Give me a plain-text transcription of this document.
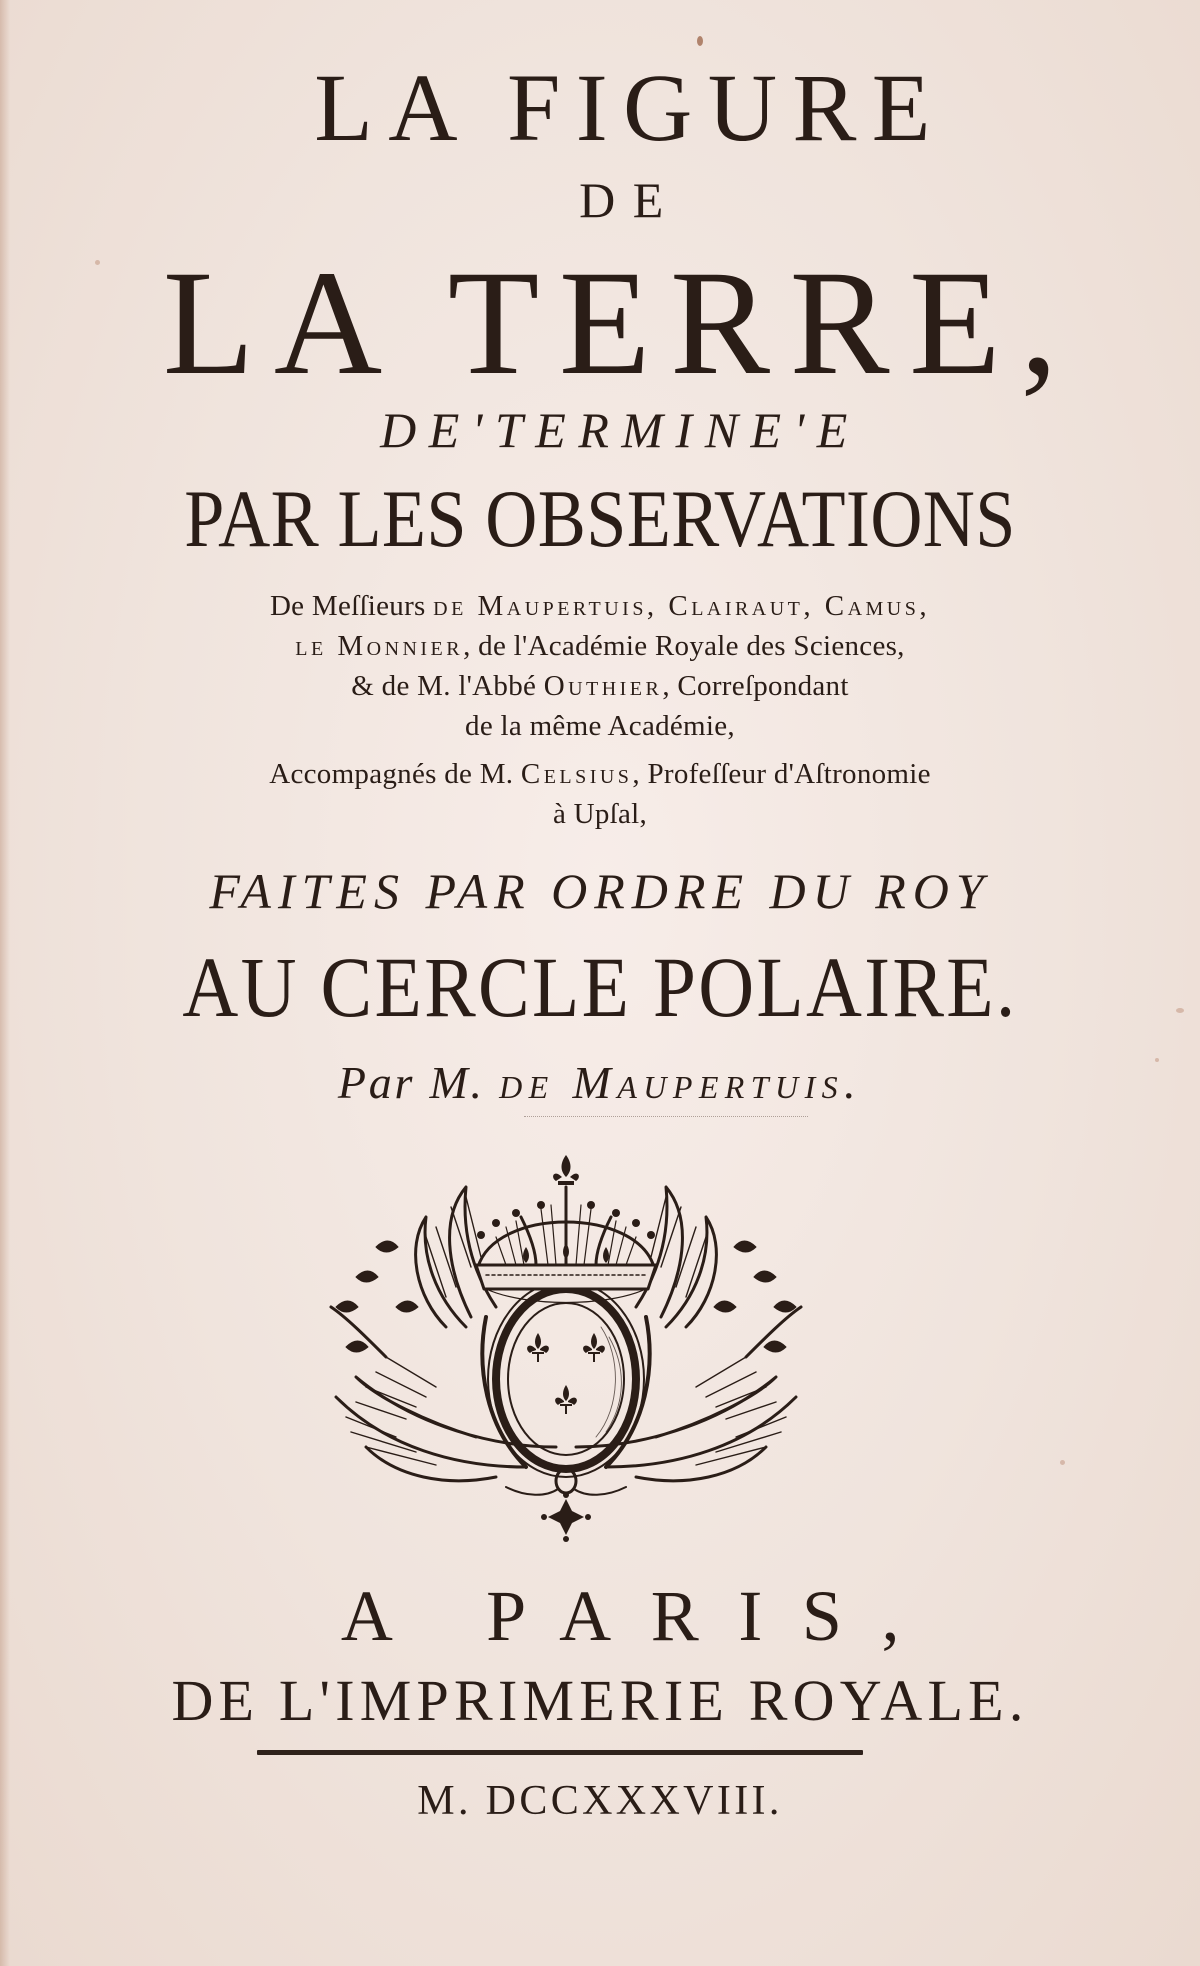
LA FIGURE
DE
LA TERRE,
DE'TERMINE'E
PAR LES OBSERVATIONS
De Meſſieurs de Maupertuis, Clairaut, Camus,
le Monnier, de l'Académie Royale des Sciences,
& de M. l'Abbé Outhier, Correſpondant
de la même Académie,
Accompagnés de M. Celsius, Profeſſeur d'Aſtronomie
à Upſal,
FAITES PAR ORDRE DU ROY
AU CERCLE POLAIRE.
Par M. de Maupertuis.
A PARIS,
DE L'IMPRIMERIE ROYALE.
M. DCCXXXVIII.
